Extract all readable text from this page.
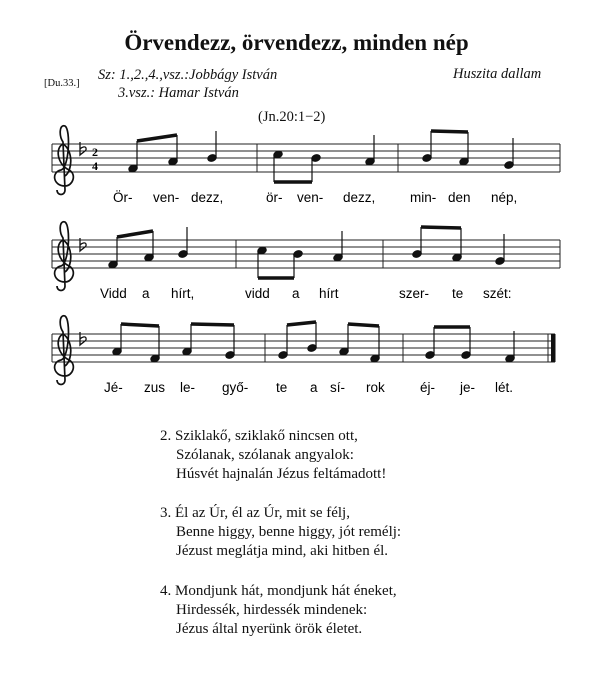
Örvendezz, örvendezz, minden nép
[Du.33.]
Sz: 1.,2.,4.,vsz.:Jobbágy István
3.vsz.: Hamar István
Huszita dallam
(Jn.20:1−2)
2
4
Ör- ven- dezz,	ör- ven- dezz,	min- den nép,
Vidd a hírt,	vidd a hírt	szer- te szét:
Jé- zus le- győ- te a sí- rok	éj- je- lét.
2. Sziklakő, sziklakő nincsen ott,
Szólanak, szólanak angyalok:
Húsvét hajnalán Jézus feltámadott!
3. Él az Úr, él az Úr, mit se félj,
Benne higgy, benne higgy, jót remélj:
Jézust meglátja mind, aki hitben él.
4. Mondjunk hát, mondjunk hát éneket,
Hirdessék, hirdessék mindenek:
Jézus által nyerünk örök életet.
